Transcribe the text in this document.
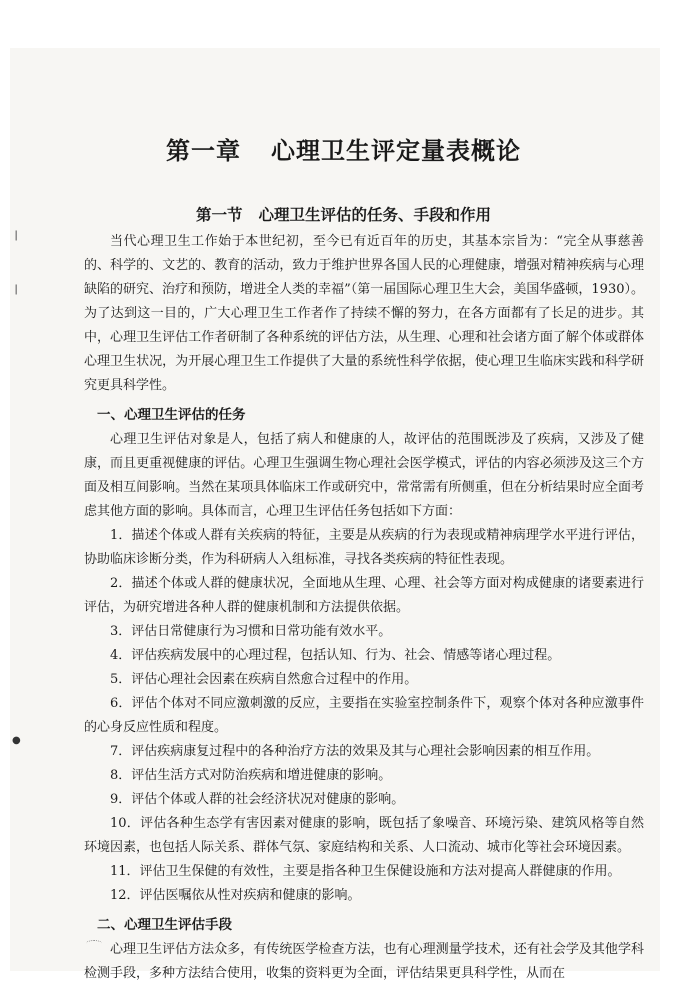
❘
❘
●
第一章 心理卫生评定量表概论
第一节 心理卫生评估的任务、手段和作用

当代心理卫生工作始于本世纪初，至今已有近百年的历史，其基本宗旨为：“完全从事慈善的、科学的、文艺的、教育的活动，致力于维护世界各国人民的心理健康，增强对精神疾病与心理缺陷的研究、治疗和预防，增进全人类的幸福”（第一届国际心理卫生大会，美国华盛顿，1930）。为了达到这一目的，广大心理卫生工作者作了持续不懈的努力，在各方面都有了长足的进步。其中，心理卫生评估工作者研制了各种系统的评估方法，从生理、心理和社会诸方面了解个体或群体心理卫生状况，为开展心理卫生工作提供了大量的系统性科学依据，使心理卫生临床实践和科学研究更具科学性。

一、心理卫生评估的任务

心理卫生评估对象是人，包括了病人和健康的人，故评估的范围既涉及了疾病，又涉及了健康，而且更重视健康的评估。心理卫生强调生物心理社会医学模式，评估的内容必须涉及这三个方面及相互间影响。当然在某项具体临床工作或研究中，常常需有所侧重，但在分析结果时应全面考虑其他方面的影响。具体而言，心理卫生评估任务包括如下方面：

1．描述个体或人群有关疾病的特征，主要是从疾病的行为表现或精神病理学水平进行评估，协助临床诊断分类，作为科研病人入组标准，寻找各类疾病的特征性表现。

2．描述个体或人群的健康状况，全面地从生理、心理、社会等方面对构成健康的诸要素进行评估，为研究增进各种人群的健康机制和方法提供依据。

3．评估日常健康行为习惯和日常功能有效水平。

4．评估疾病发展中的心理过程，包括认知、行为、社会、情感等诸心理过程。

5．评估心理社会因素在疾病自然愈合过程中的作用。

6．评估个体对不同应激刺激的反应，主要指在实验室控制条件下，观察个体对各种应激事件的心身反应性质和程度。

7．评估疾病康复过程中的各种治疗方法的效果及其与心理社会影响因素的相互作用。

8．评估生活方式对防治疾病和增进健康的影响。

9．评估个体或人群的社会经济状况对健康的影响。

10．评估各种生态学有害因素对健康的影响，既包括了象噪音、环境污染、建筑风格等自然环境因素，也包括人际关系、群体气氛、家庭结构和关系、人口流动、城市化等社会环境因素。

11．评估卫生保健的有效性，主要是指各种卫生保健设施和方法对提高人群健康的作用。

12．评估医嘱依从性对疾病和健康的影响。

二、心理卫生评估手段

心理卫生评估方法众多，有传统医学检查方法，也有心理测量学技术，还有社会学及其他学科检测手段，多种方法结合使用，收集的资料更为全面，评估结果更具科学性，从而在
